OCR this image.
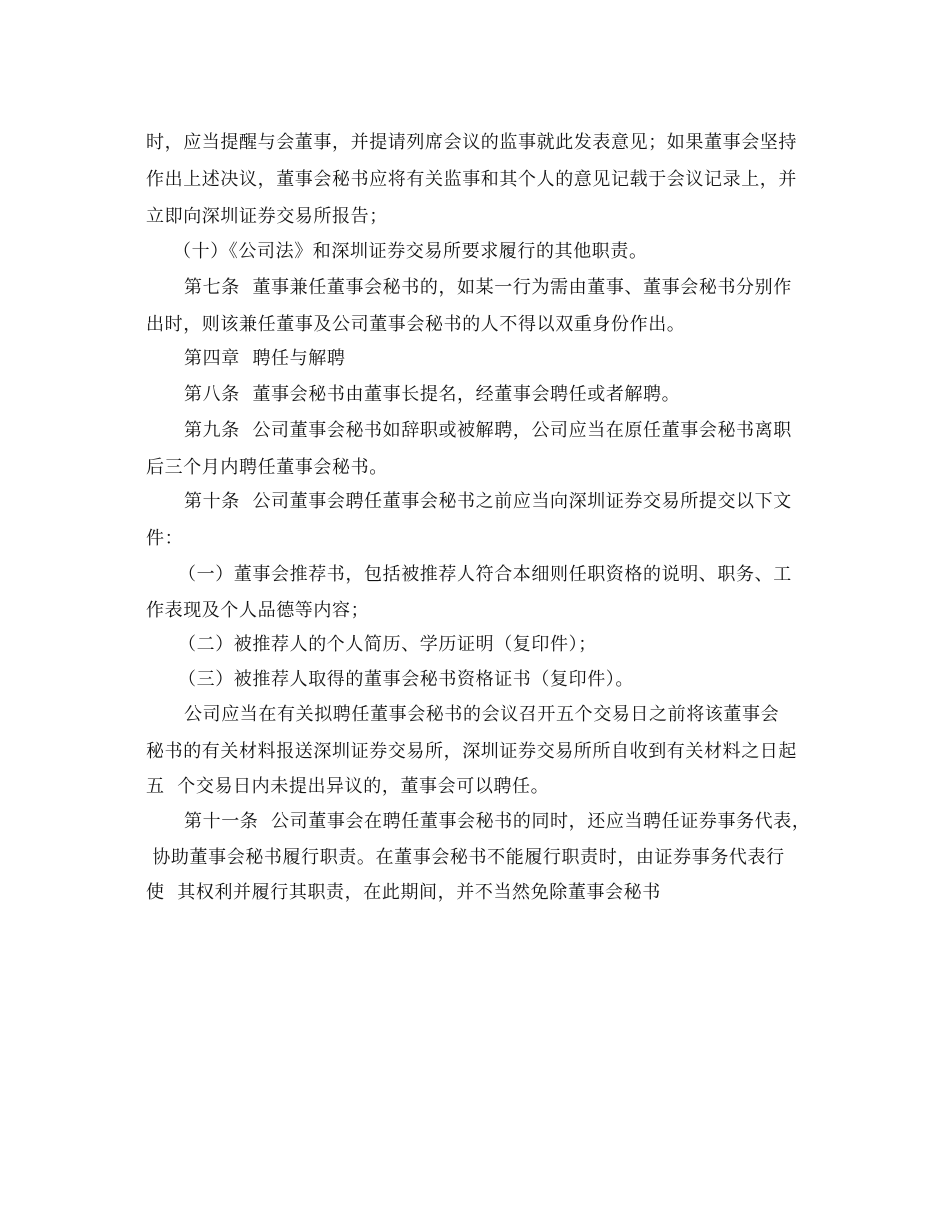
时，应当提醒与会董事，并提请列席会议的监事就此发表意见；如果董事会坚持
作出上述决议，董事会秘书应将有关监事和其个人的意见记载于会议记录上，并
立即向深圳证券交易所报告；
（十）《公司法》和深圳证券交易所要求履行的其他职责。
第七条  董事兼任董事会秘书的，如某一行为需由董事、董事会秘书分别作
出时，则该兼任董事及公司董事会秘书的人不得以双重身份作出。
第四章  聘任与解聘
第八条  董事会秘书由董事长提名，经董事会聘任或者解聘。
第九条  公司董事会秘书如辞职或被解聘，公司应当在原任董事会秘书离职
后三个月内聘任董事会秘书。
第十条  公司董事会聘任董事会秘书之前应当向深圳证券交易所提交以下文
件：
（一）董事会推荐书，包括被推荐人符合本细则任职资格的说明、职务、工
作表现及个人品德等内容；
（二）被推荐人的个人简历、学历证明（复印件）；
（三）被推荐人取得的董事会秘书资格证书（复印件）。
公司应当在有关拟聘任董事会秘书的会议召开五个交易日之前将该董事会
秘书的有关材料报送深圳证券交易所，深圳证券交易所所自收到有关材料之日起
五  个交易日内未提出异议的，董事会可以聘任。
第十一条  公司董事会在聘任董事会秘书的同时，还应当聘任证券事务代表，
协助董事会秘书履行职责。在董事会秘书不能履行职责时，由证券事务代表行
使  其权利并履行其职责，在此期间，并不当然免除董事会秘书
